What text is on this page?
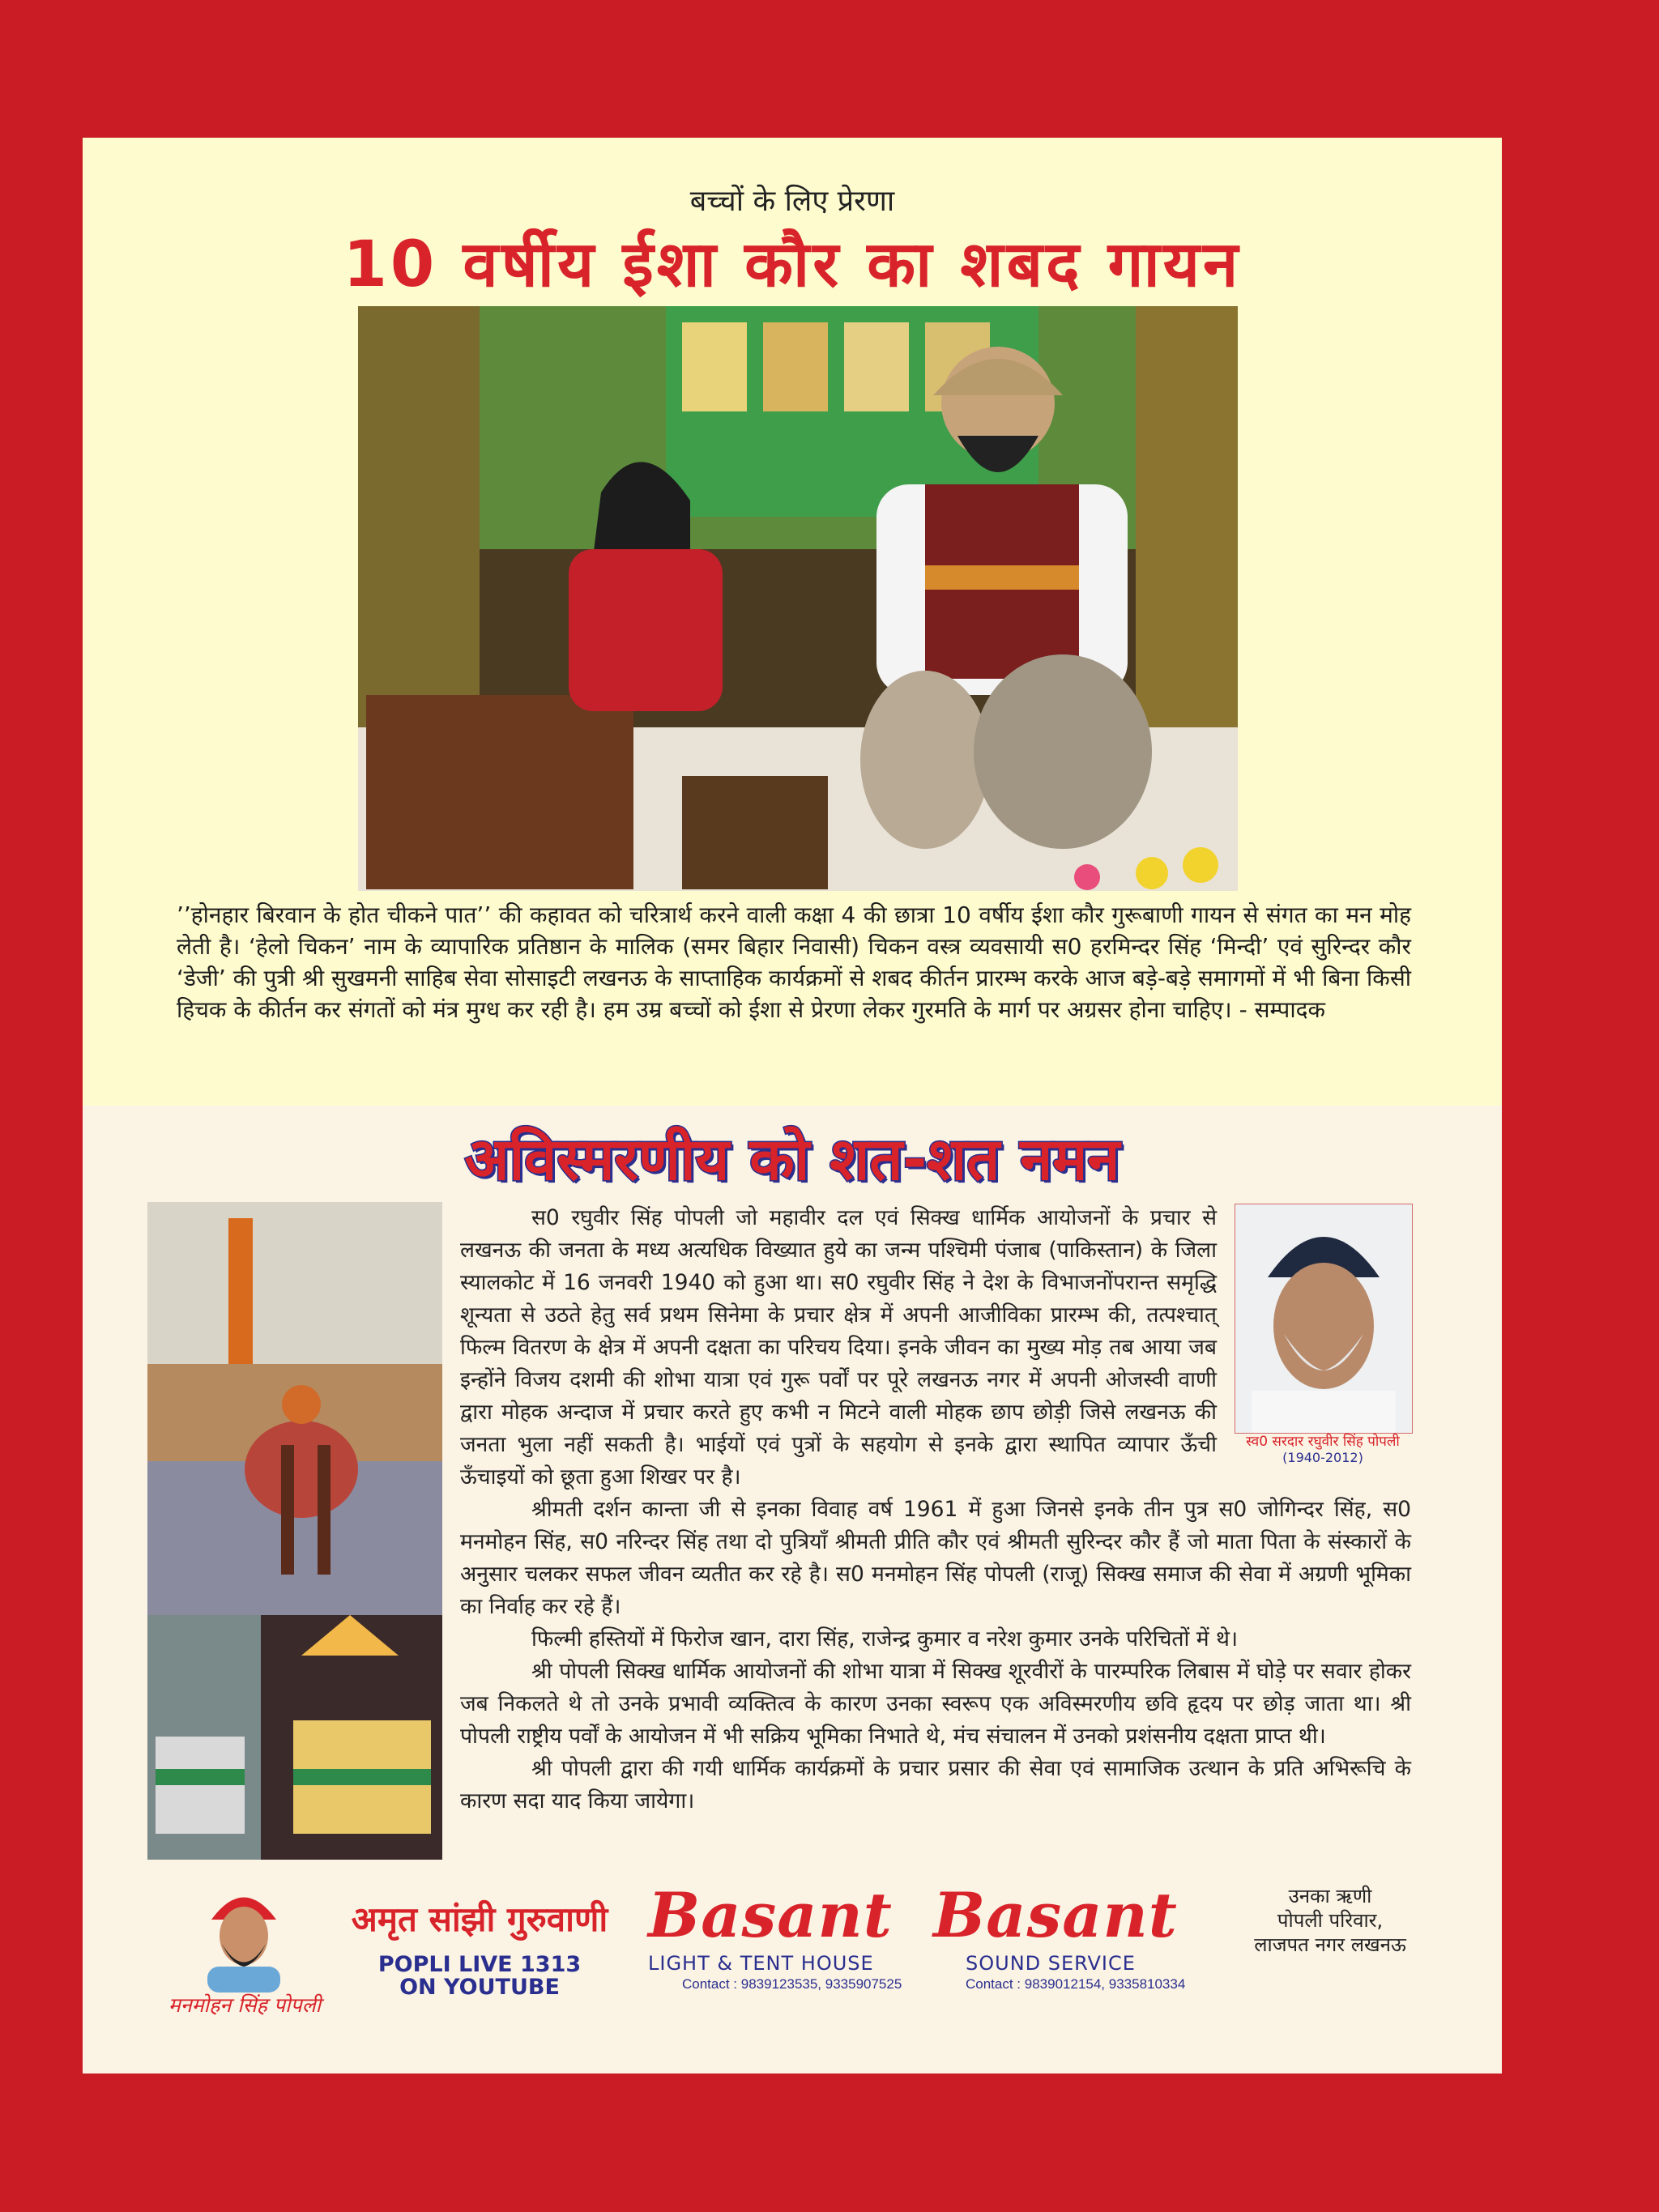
बच्चों के लिए प्रेरणा
10 वर्षीय ईशा कौर का शबद गायन
’’होनहार बिरवान के होत चीकने पात’’ की कहावत को चरित्रार्थ करने वाली कक्षा 4 की छात्रा 10 वर्षीय ईशा कौर गुरूबाणी गायन से संगत का मन मोह लेती है। ‘हेलो चिकन’ नाम के व्यापारिक प्रतिष्ठान के मालिक (समर बिहार निवासी) चिकन वस्त्र व्यवसायी स0 हरमिन्दर सिंह ‘मिन्दी’ एवं सुरिन्दर कौर ‘डेजी’ की पुत्री श्री सुखमनी साहिब सेवा सोसाइटी लखनऊ के साप्ताहिक कार्यक्रमों से शबद कीर्तन प्रारम्भ करके आज बड़े-बड़े समागमों में भी बिना किसी हिचक के कीर्तन कर संगतों को मंत्र मुग्ध कर रही है। हम उम्र बच्चों को ईशा से प्रेरणा लेकर गुरमति के मार्ग पर अग्रसर होना चाहिए। - सम्पादक
अविस्मरणीय को शत-शत नमन
स्व0 सरदार रघुवीर सिंह पोपली
(1940-2012)

स0 रघुवीर सिंह पोपली जो महावीर दल एवं सिक्ख धार्मिक आयोजनों के प्रचार से लखनऊ की जनता के मध्य अत्यधिक विख्यात हुये का जन्म पश्चिमी पंजाब (पाकिस्तान) के जिला स्यालकोट में 16 जनवरी 1940 को हुआ था। स0 रघुवीर सिंह ने देश के विभाजनोंपरान्त समृद्धि शून्यता से उठते हेतु सर्व प्रथम सिनेमा के प्रचार क्षेत्र में अपनी आजीविका प्रारम्भ की, तत्पश्चात् फिल्म वितरण के क्षेत्र में अपनी दक्षता का परिचय दिया। इनके जीवन का मुख्य मोड़ तब आया जब इन्होंने विजय दशमी की शोभा यात्रा एवं गुरू पर्वों पर पूरे लखनऊ नगर में अपनी ओजस्वी वाणी द्वारा मोहक अन्दाज में प्रचार करते हुए कभी न मिटने वाली मोहक छाप छोड़ी जिसे लखनऊ की जनता भुला नहीं सकती है। भाईयों एवं पुत्रों के सहयोग से इनके द्वारा स्थापित व्यापार ऊँची ऊँचाइयों को छूता हुआ शिखर पर है।

श्रीमती दर्शन कान्ता जी से इनका विवाह वर्ष 1961 में हुआ जिनसे इनके तीन पुत्र स0 जोगिन्दर सिंह, स0 मनमोहन सिंह, स0 नरिन्दर सिंह तथा दो पुत्रियाँ श्रीमती प्रीति कौर एवं श्रीमती सुरिन्दर कौर हैं जो माता पिता के संस्कारों के अनुसार चलकर सफल जीवन व्यतीत कर रहे है। स0 मनमोहन सिंह पोपली (राजू) सिक्ख समाज की सेवा में अग्रणी भूमिका का निर्वाह कर रहे हैं।

फिल्मी हस्तियों में फिरोज खान, दारा सिंह, राजेन्द्र कुमार व नरेश कुमार उनके परिचितों में थे।

श्री पोपली सिक्ख धार्मिक आयोजनों की शोभा यात्रा में सिक्ख शूरवीरों के पारम्परिक लिबास में घोड़े पर सवार होकर जब निकलते थे तो उनके प्रभावी व्यक्तित्व के कारण उनका स्वरूप एक अविस्मरणीय छवि हृदय पर छोड़ जाता था। श्री पोपली राष्ट्रीय पर्वों के आयोजन में भी सक्रिय भूमिका निभाते थे, मंच संचालन में उनको प्रशंसनीय दक्षता प्राप्त थी।

श्री पोपली द्वारा की गयी धार्मिक कार्यक्रमों के प्रचार प्रसार की सेवा एवं सामाजिक उत्थान के प्रति अभिरूचि के कारण सदा याद किया जायेगा।

मनमोहन सिंह पोपली
अमृत सांझी गुरुवाणी
POPLI LIVE 1313
ON YOUTUBE
Basant
LIGHT & TENT HOUSE
Contact : 9839123535, 9335907525
Basant
SOUND SERVICE
Contact : 9839012154, 9335810334
उनका ऋणी
पोपली परिवार,
लाजपत नगर लखनऊ
